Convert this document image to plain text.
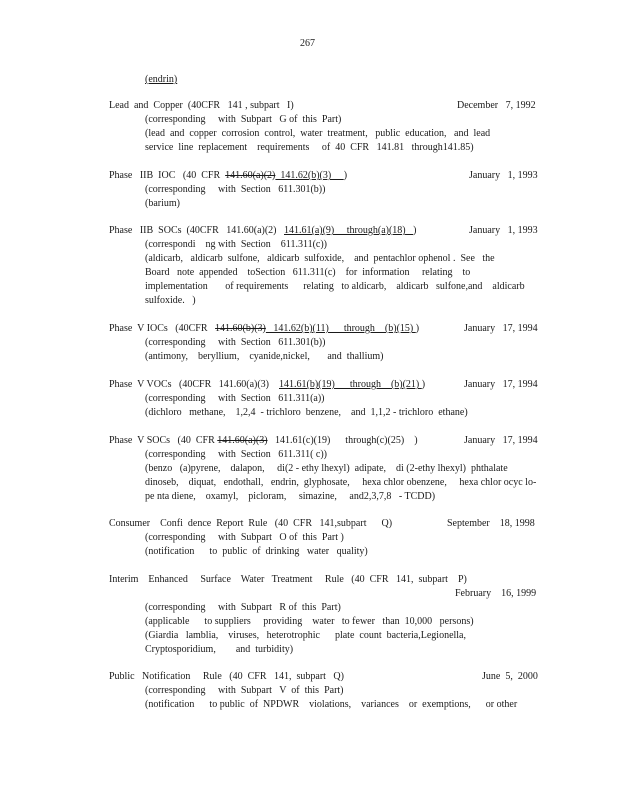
267
(endrin)
Lead  and  Copper  (40CFR   141 , subpart   I)	December   7, 1992
(corresponding     with  Subpart   G of  this  Part)
(lead  and  copper  corrosion  control,  water  treatment,   public  education,   and  lead
service  line  replacement    requirements     of  40  CFR   141.81   through141.85)
Phase   IIB  IOC   (40  CFR  141.60(a)(2)  141.62(b)(3)     )	January   1, 1993
(corresponding     with  Section   611.301(b))
(barium)
Phase   IIB  SOCs  (40CFR   141.60(a)(2)   141.61(a)(9)     through(a)(18)   )	January   1, 1993
(correspondi    ng with  Section    611.311(c))
(aldicarb,   aldicarb  sulfone,   aldicarb  sulfoxide,    and  pentachlor ophenol .  See   the
Board   note  appended    toSection   611.311(c)    for  information     relating    to
implementation       of requirements      relating   to aldicarb,    aldicarb   sulfone,and    aldicarb
sulfoxide.   )
Phase  V IOCs   (40CFR   141.60(b)(3)   141.62(b)(11)      through    (b)(15) )	January   17, 1994
(corresponding     with  Section   611.301(b))
(antimony,    beryllium,    cyanide,nickel,       and  thallium)
Phase  V VOCs   (40CFR   141.60(a)(3)    141.61(b)(19)      through    (b)(21) )	January   17, 1994
(corresponding     with  Section   611.311(a))
(dichloro   methane,    1,2,4  - trichloro  benzene,    and  1,1,2 - trichloro  ethane)
Phase  V SOCs   (40  CFR 141.60(a)(3)   141.61(c)(19)      through(c)(25)    )	January   17, 1994
(corresponding     with  Section   611.311( c))
(benzo   (a)pyrene,    dalapon,     di(2 - ethy lhexyl)  adipate,    di (2-ethy lhexyl)  phthalate
dinoseb,    diquat,   endothall,   endrin,  glyphosate,     hexa chlor obenzene,     hexa chlor ocyc lo-
pe nta diene,    oxamyl,    picloram,     simazine,     and2,3,7,8   - TCDD)
Consumer    Confi  dence  Report  Rule   (40  CFR   141,subpart      Q)	September    18, 1998
(corresponding     with  Subpart   O of  this  Part )
(notification      to  public  of  drinking   water   quality)
Interim    Enhanced     Surface    Water   Treatment     Rule   (40  CFR   141,  subpart    P)
February    16, 1999
(corresponding     with  Subpart   R of  this  Part)
(applicable      to suppliers     providing    water   to fewer   than  10,000   persons)
(Giardia   lamblia,    viruses,   heterotrophic      plate  count  bacteria,Legionella,
Cryptosporidium,        and  turbidity)
Public   Notification     Rule   (40  CFR   141,  subpart   Q)	June  5,  2000
(corresponding     with  Subpart   V  of  this  Part)
(notification      to public  of  NPDWR    violations,    variances    or  exemptions,      or other
